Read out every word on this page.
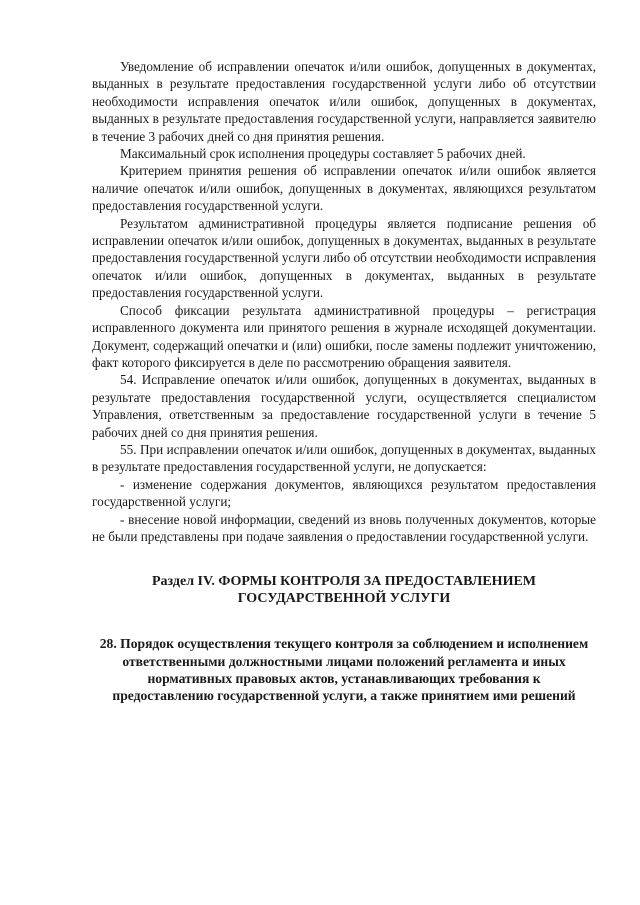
Уведомление об исправлении опечаток и/или ошибок, допущенных в документах, выданных в результате предоставления государственной услуги либо об отсутствии необходимости исправления опечаток и/или ошибок, допущенных в документах, выданных в результате предоставления государственной услуги, направляется заявителю в течение 3 рабочих дней со дня принятия решения.

Максимальный срок исполнения процедуры составляет 5 рабочих дней.

Критерием принятия решения об исправлении опечаток и/или ошибок является наличие опечаток и/или ошибок, допущенных в документах, являющихся результатом предоставления государственной услуги.

Результатом административной процедуры является подписание решения об исправлении опечаток и/или ошибок, допущенных в документах, выданных в результате предоставления государственной услуги либо об отсутствии необходимости исправления опечаток и/или ошибок, допущенных в документах, выданных в результате предоставления государственной услуги.

Способ фиксации результата административной процедуры – регистрация исправленного документа или принятого решения в журнале исходящей документации. Документ, содержащий опечатки и (или) ошибки, после замены подлежит уничтожению, факт которого фиксируется в деле по рассмотрению обращения заявителя.

54. Исправление опечаток и/или ошибок, допущенных в документах, выданных в результате предоставления государственной услуги, осуществляется специалистом Управления, ответственным за предоставление государственной услуги в течение 5 рабочих дней со дня принятия решения.

55. При исправлении опечаток и/или ошибок, допущенных в документах, выданных в результате предоставления государственной услуги, не допускается:

- изменение содержания документов, являющихся результатом предоставления государственной услуги;

- внесение новой информации, сведений из вновь полученных документов, которые не были представлены при подаче заявления о предоставлении государственной услуги.

Раздел IV. ФОРМЫ КОНТРОЛЯ ЗА ПРЕДОСТАВЛЕНИЕМ ГОСУДАРСТВЕННОЙ УСЛУГИ
28. Порядок осуществления текущего контроля за соблюдением и исполнением ответственными должностными лицами положений регламента и иных нормативных правовых актов, устанавливающих требования к предоставлению государственной услуги, а также принятием ими решений
